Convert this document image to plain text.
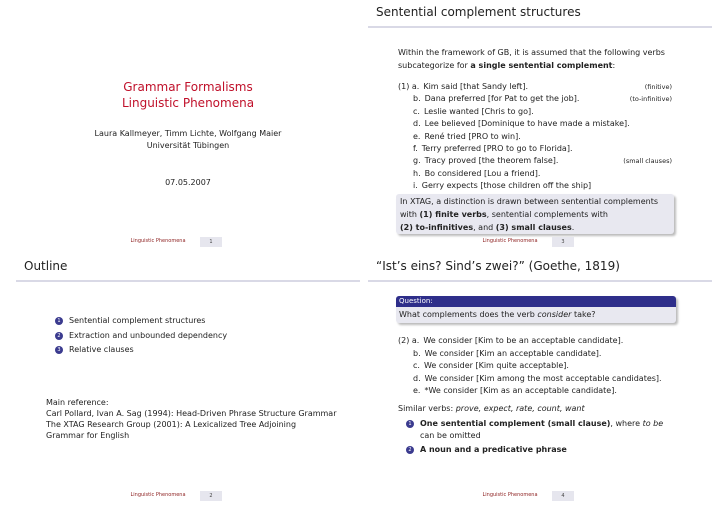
Grammar Formalisms
Linguistic Phenomena
Laura Kallmeyer, Timm Lichte, Wolfgang Maier
Universität Tübingen
07.05.2007
Linguistic Phenomena	1
Sentential complement structures
Within the framework of GB, it is assumed that the following verbs
subcategorize for a single sentential complement:
(1) a. Kim said [that Sandy left].	(finitive)
b. Dana preferred [for Pat to get the job].	(to-infinitive)
c. Leslie wanted [Chris to go].
d. Lee believed [Dominique to have made a mistake].
e. René tried [PRO to win].
f. Terry preferred [PRO to go to Florida].
g. Tracy proved [the theorem false].	(small clauses)
h. Bo considered [Lou a friend].
i. Gerry expects [those children off the ship]
In XTAG, a distinction is drawn between sentential complements
with (1) finite verbs, sentential complements with
(2) to-infinitives, and (3) small clauses.
Linguistic Phenomena	3
Outline
1 Sentential complement structures
2 Extraction and unbounded dependency
3 Relative clauses
Main reference:
Carl Pollard, Ivan A. Sag (1994): Head-Driven Phrase Structure Grammar
The XTAG Research Group (2001): A Lexicalized Tree Adjoining
Grammar for English
Linguistic Phenomena	2
“Ist’s eins? Sind’s zwei?” (Goethe, 1819)
Question:
What complements does the verb consider take?
(2) a. We consider [Kim to be an acceptable candidate].
b. We consider [Kim an acceptable candidate].
c. We consider [Kim quite acceptable].
d. We consider [Kim among the most acceptable candidates].
e. *We consider [Kim as an acceptable candidate].
Similar verbs: prove, expect, rate, count, want
1 One sentential complement (small clause), where to be
can be omitted
2 A noun and a predicative phrase
Linguistic Phenomena	4
